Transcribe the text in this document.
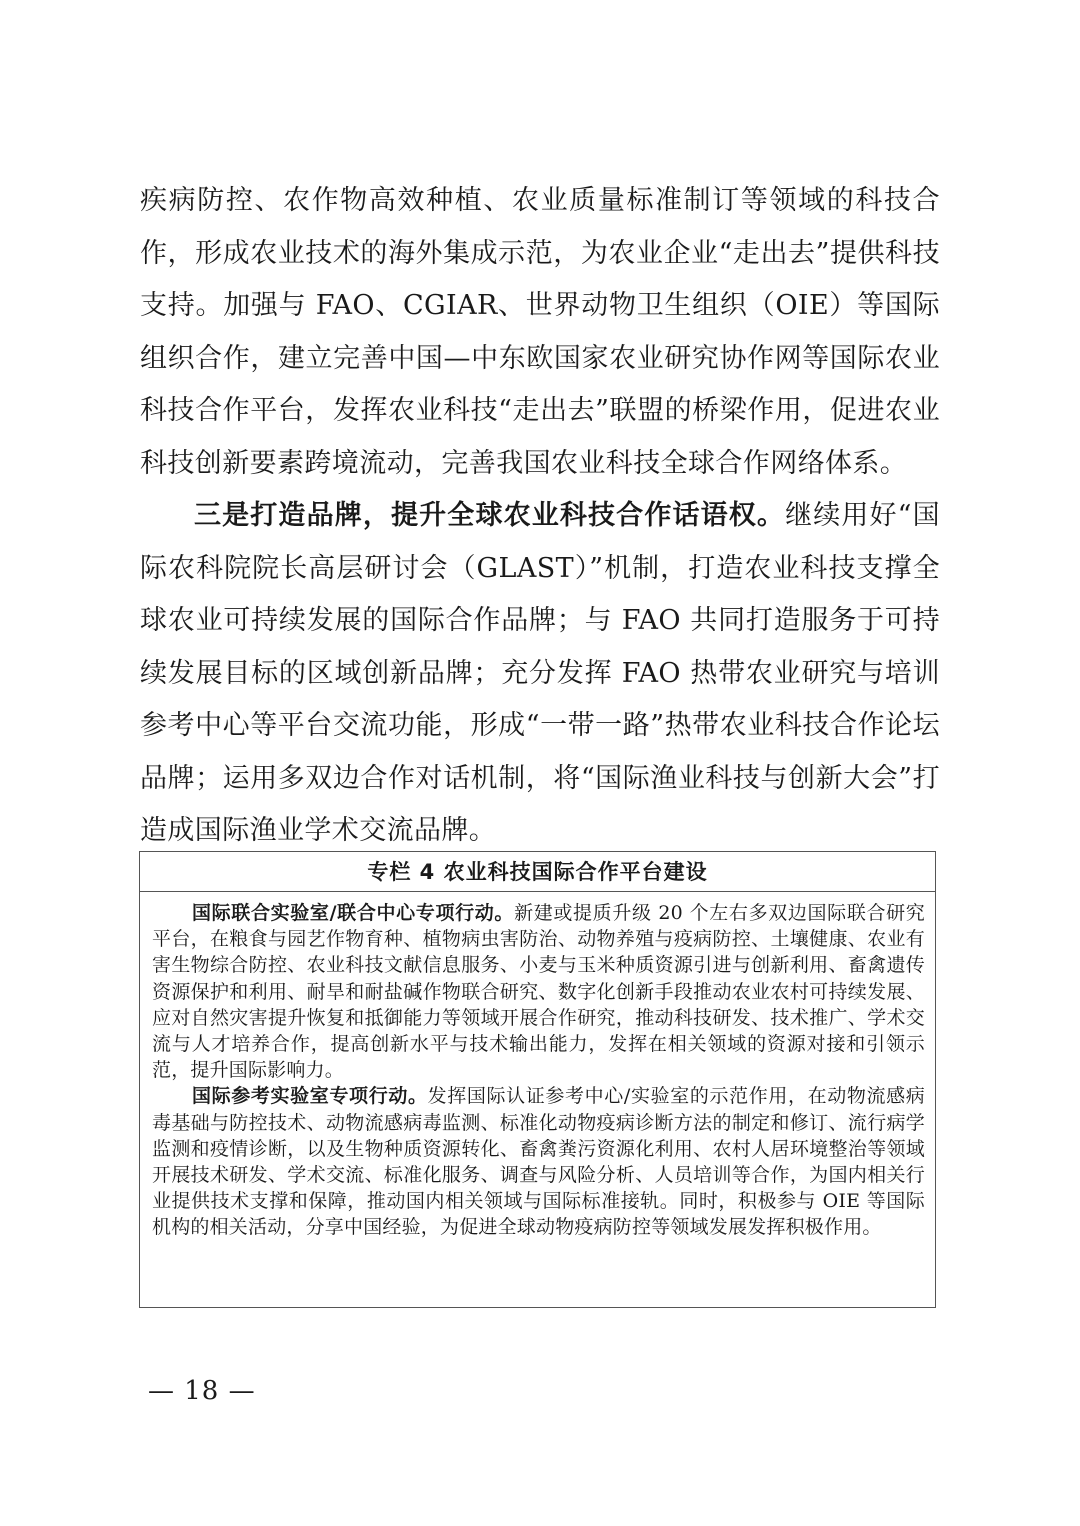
疾病防控、农作物高效种植、农业质量标准制订等领域的科技合作，形成农业技术的海外集成示范，为农业企业“走出去”提供科技支持。加强与 FAO、CGIAR、世界动物卫生组织（OIE）等国际组织合作，建立完善中国—中东欧国家农业研究协作网等国际农业科技合作平台，发挥农业科技“走出去”联盟的桥梁作用，促进农业科技创新要素跨境流动，完善我国农业科技全球合作网络体系。

三是打造品牌，提升全球农业科技合作话语权。继续用好“国际农科院院长高层研讨会（GLAST）”机制，打造农业科技支撑全球农业可持续发展的国际合作品牌；与 FAO 共同打造服务于可持续发展目标的区域创新品牌；充分发挥 FAO 热带农业研究与培训参考中心等平台交流功能，形成“一带一路”热带农业科技合作论坛品牌；运用多双边合作对话机制，将“国际渔业科技与创新大会”打造成国际渔业学术交流品牌。

专栏 4 农业科技国际合作平台建设

国际联合实验室/联合中心专项行动。新建或提质升级 20 个左右多双边国际联合研究平台，在粮食与园艺作物育种、植物病虫害防治、动物养殖与疫病防控、土壤健康、农业有害生物综合防控、农业科技文献信息服务、小麦与玉米种质资源引进与创新利用、畜禽遗传资源保护和利用、耐旱和耐盐碱作物联合研究、数字化创新手段推动农业农村可持续发展、应对自然灾害提升恢复和抵御能力等领域开展合作研究，推动科技研发、技术推广、学术交流与人才培养合作，提高创新水平与技术输出能力，发挥在相关领域的资源对接和引领示范，提升国际影响力。

国际参考实验室专项行动。发挥国际认证参考中心/实验室的示范作用，在动物流感病毒基础与防控技术、动物流感病毒监测、标准化动物疫病诊断方法的制定和修订、流行病学监测和疫情诊断，以及生物种质资源转化、畜禽粪污资源化利用、农村人居环境整治等领域开展技术研发、学术交流、标准化服务、调查与风险分析、人员培训等合作，为国内相关行业提供技术支撑和保障，推动国内相关领域与国际标准接轨。同时，积极参与 OIE 等国际机构的相关活动，分享中国经验，为促进全球动物疫病防控等领域发展发挥积极作用。

— 18 —
